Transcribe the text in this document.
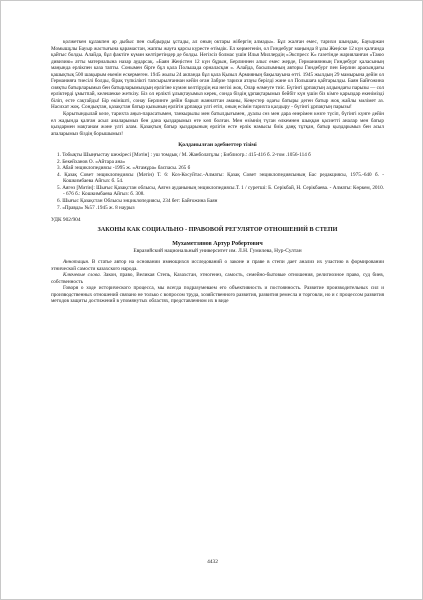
қолжеткен құлакпен әр дыбыс пен сыбдырды ұстады, ал оның октары жібергің алмады». Бұл жалған емес, тарихи шындық. Бауыржан Момышұлы Бауыр жастығына қарамастан, жаппы жауға қарсы күресте өтімдік. Ел көрмегенін, ол Гиндебург маңында 8 ұлы Жеңіске 12 күн қалғанда қайтыс болды. Алайда, бұл фактіге күмән келтіретіндер де болды. Негізсіз болмас үшін Илья Миллердің «Экспресс К» газетінде жарияланған «Таюо дивизию» атты материалына назар аударсақ. «Баян Жеңістен 12 күн бұрын, Берлиннен алыс емес жерде, Германиянның Гиндебург қаласының маңында ерлікпен каза тапты. Сонымен бірге бұл қала Польшада орналасқан ». Алайда, басылымның авторы Гиндебург пен Берлин арасындағы қашықтық 500 шақырым екенін ескермеген. 1945 жылы 24 акпанда бұл қала Қызыл Армияның бақылауына өтті. 1945 жылдың 29 мамырына дейін ол Германияға тиесілі болды, бірақ түпкілікті тапсырылғаннан кейін оған Забрзе тарихи атауы берілді және ол Польшаға қайтарылды. Баян Байғожина сияқты батырларымыз бен батырларымыздың ерлігіне күмән келтірудің еш негізі жоқ. Олар өлмеуге тиіс. Бүгінгі ұрпақтың алдындағы парызы — сол ерліктерді ұмытпай, келешекке жеткізу. Біз ол ерлікті ұлықтауымыз керек, сонда біздің ұрпақтарымыз бейбіт күн үшін біз кімге қарыздар екенімізді біліп, есте сақтайды! Бір өкінішті, сонау Берлинге дейін барып жаннаттан аманы, Кеңестер одағы батыры деген батыр жоқ жайлы мәлімет аз. Насихат жоқ. Сондықтан, қазақстан батыр қызының ерлігін ұрпаққа үлгі етіп, оның есімін тарихта қалдыру - бүгінгі ұрпақтың парызы!

Қорытындылай келе, тарихта аңыз-парасатымен, танкырылы мен батылдығымен, дуалы сөз мен дара өнерімен көзге түсіп, бүгінгі күнге дейін ел жадында қалған асыл аналарымыз бен дана қыздарымыз өте көп болған. Мен өзімнің түган өлкемнен шыққан қасиетті аналар мен батыр қыздармен мақтанам және үлгі алам. Қазақтың батыр қыздарының ерлігін есте ерлік намысы биік даңқ тұтқан, батыр қыздарымыз бен асыл апаларымыз біздің борышымыз!

Қолданылған әдебиеттер тізімі
1. Тобықты Шыңғыстау шежіресі [Мәтін] : уш томдық / М. Жанболатұлы ; Библиогр.: 415-416 б. 2-том .1056-114 б
2. Бекейханов О. «Айтара ана»
3. Абай энциклопедиясы -1995 ж. «Атамұра» баспасы. 265 б
4. Қазақ Совет энциклопедиясы (Мәтін) Т. 6: Коз-Косуйтас.-Алматы: Қазақ Совет энциклопедиясының Бас редакциясы, 1975.-640 б. - Кошкимбаева Айгыз: б. 54.
5. Аягөз [Мәтін]: Шығыс Қазақстан облысы, Аягөз ауданының энциклопедиясы.Т. 1 / суретші: Б. Серікбай, Н. Серікбаева. - Алматы: Көркем, 2010. - 676 б.: Кошкимбаева Айгыз: б. 308.
6. Шығыс Қазақстан Облысы энциклопедиясы, 234 бет: Байғожина Баян
7. «Правда» №57 .1945 ж. 8 наурыз
УДК 902/904
ЗАКОНЫ КАК СОЦИАЛЬНО - ПРАВОВОЙ РЕГУЛЯТОР ОТНОШЕНИЙ В СТЕПИ
Мухаметзянов Артур Робертович
Евразийский национальный университет им. Л.Н. Гумилева, Нур-Султан

Аннотация. В статье автор на основании имеющихся исследований о законе и праве в степи дает анализ их участию в формировании этнической самости казахского народа.

Ключевые слова. Закон, право, Великая Степь, Казахстан, этногенез, самость, семейно-бытовые отношения, религиозное право, суд биев, собственность

Говоря о ходе исторического процесса, мы всегда подразумеваем его объективность и постоянность. Развитие производительных сил и производственных отношений связано не только с вопросом труда, хозяйственного развития, развития ремесла и торговли, но и с процессом развития методов защиты достижений в упомянутых областях, представленном их в виде

4432
